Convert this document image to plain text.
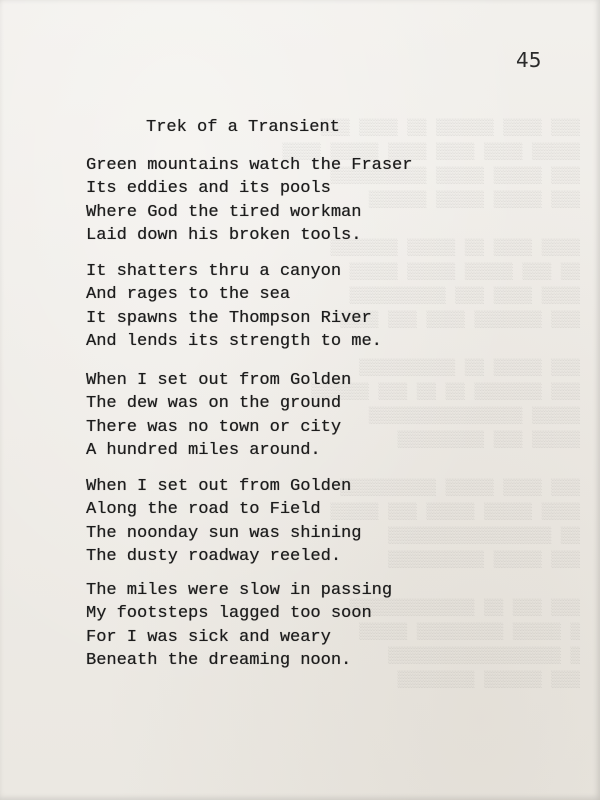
▒▒▒ ▒▒▒▒ ▒▒▒▒▒▒ ▒▒ ▒▒▒▒ ▒▒▒
▒▒▒▒▒ ▒▒▒▒ ▒▒▒▒ ▒▒▒▒ ▒▒▒▒▒ ▒▒▒▒
▒▒▒ ▒▒▒▒▒ ▒▒▒▒▒ ▒▒▒▒▒▒▒▒▒▒
▒▒▒ ▒▒▒▒▒ ▒▒▒▒▒ ▒▒▒▒▒▒

▒▒▒▒ ▒▒▒▒ ▒▒ ▒▒▒▒▒ ▒▒▒▒▒▒▒
▒▒ ▒▒▒ ▒▒▒▒▒ ▒▒▒▒▒ ▒▒▒▒▒
▒▒▒▒ ▒▒▒▒ ▒▒▒ ▒▒▒▒▒▒▒▒▒▒
▒▒▒ ▒▒▒▒▒▒▒ ▒▒▒▒ ▒▒▒ ▒▒▒▒

▒▒▒ ▒▒▒▒▒ ▒▒ ▒▒▒▒▒▒▒▒▒▒
▒▒▒ ▒▒▒▒▒▒▒ ▒▒ ▒▒ ▒▒▒ ▒▒▒▒▒▒
▒▒▒▒▒ ▒▒▒▒▒▒▒▒▒▒▒▒▒▒▒▒
▒▒▒▒▒ ▒▒▒ ▒▒▒▒▒▒▒▒▒

▒▒▒ ▒▒▒▒ ▒▒▒▒▒ ▒▒▒▒▒▒▒▒▒▒
▒▒▒▒ ▒▒▒▒▒ ▒▒▒▒▒ ▒▒▒ ▒▒▒▒▒
▒▒ ▒▒▒▒▒▒▒▒▒▒▒▒▒▒▒▒▒
▒▒▒ ▒▒▒▒▒ ▒▒▒▒▒▒▒▒▒▒

▒▒▒ ▒▒▒ ▒▒ ▒▒▒▒▒▒▒▒▒▒▒▒▒
▒ ▒▒▒▒▒ ▒▒▒▒▒▒▒▒▒ ▒▒▒▒▒
▒ ▒▒▒▒▒▒▒▒▒▒▒▒▒▒▒▒▒▒
▒▒▒ ▒▒▒▒▒▒ ▒▒▒▒▒▒▒▒
45
Trek of a Transient
Green mountains watch the Fraser
Its eddies and its pools
Where God the tired workman
Laid down his broken tools.
It shatters thru a canyon
And rages to the sea
It spawns the Thompson River
And lends its strength to me.
When I set out from Golden
The dew was on the ground
There was no town or city
A hundred miles around.
When I set out from Golden
Along the road to Field
The noonday sun was shining
The dusty roadway reeled.
The miles were slow in passing
My footsteps lagged too soon
For I was sick and weary
Beneath the dreaming noon.
